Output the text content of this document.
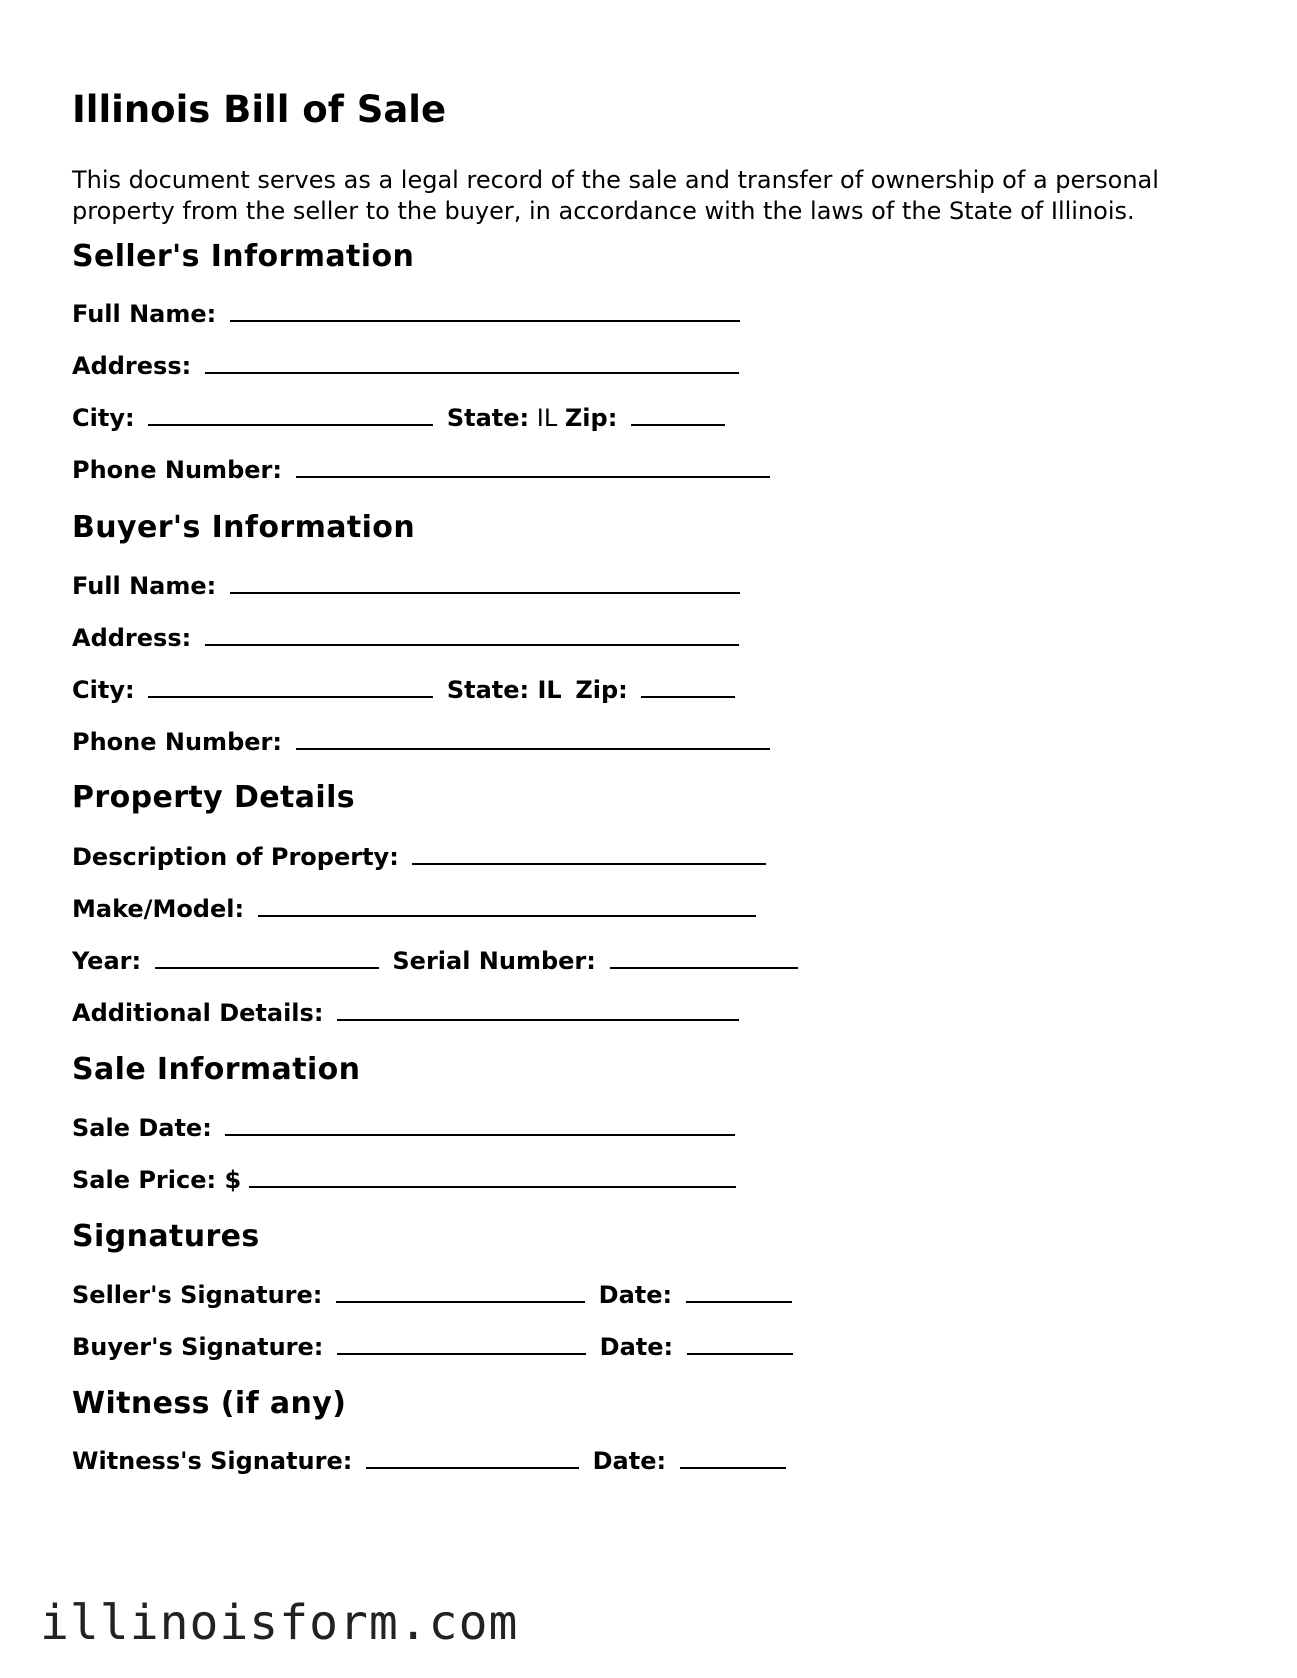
Illinois Bill of Sale

This document serves as a legal record of the sale and transfer of ownership of a personal property from the seller to the buyer, in accordance with the laws of the State of Illinois.

Seller's Information
Full Name:
Address:
City:	State: IL Zip:
Phone Number:
Buyer's Information
Full Name:
Address:
City:	State: IL Zip:
Phone Number:
Property Details
Description of Property:
Make/Model:
Year:	Serial Number:
Additional Details:
Sale Information
Sale Date:
Sale Price: $
Signatures
Seller's Signature:	Date:
Buyer's Signature:	Date:
Witness (if any)
Witness's Signature:	Date:
illinoisform.com
